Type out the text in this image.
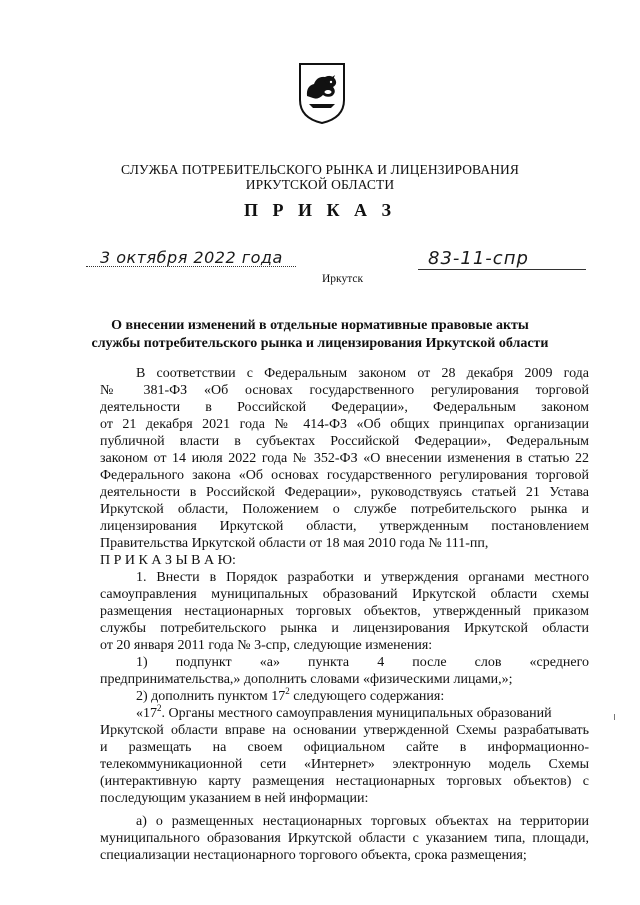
СЛУЖБА ПОТРЕБИТЕЛЬСКОГО РЫНКА И ЛИЦЕНЗИРОВАНИЯ
ИРКУТСКОЙ ОБЛАСТИ
П Р И К А З
3 октября 2022 года	83-11-спр
Иркутск
О внесении изменений в отдельные нормативные правовые акты
службы потребительского рынка и лицензирования Иркутской области
В соответствии с Федеральным законом от 28 декабря 2009 года
№ 381-ФЗ «Об основах государственного регулирования торговой
деятельности в Российской Федерации», Федеральным законом
от 21 декабря 2021 года № 414-ФЗ «Об общих принципах организации
публичной власти в субъектах Российской Федерации», Федеральным
законом от 14 июля 2022 года № 352-ФЗ «О внесении изменения в статью 22
Федерального закона «Об основах государственного регулирования торговой
деятельности в Российской Федерации», руководствуясь статьей 21 Устава
Иркутской области, Положением о службе потребительского рынка и
лицензирования Иркутской области, утвержденным постановлением
Правительства Иркутской области от 18 мая 2010 года № 111-пп,
П Р И К А З Ы В А Ю:
1. Внести в Порядок разработки и утверждения органами местного
самоуправления муниципальных образований Иркутской области схемы
размещения нестационарных торговых объектов, утвержденный приказом
службы потребительского рынка и лицензирования Иркутской области
от 20 января 2011 года № 3-спр, следующие изменения:
1) подпункт «а» пункта 4 после слов «среднего
предпринимательства,» дополнить словами «физическими лицами,»;
2) дополнить пунктом $17^2$ следующего содержания:
«$17^2$. Органы местного самоуправления муниципальных образований
Иркутской области вправе на основании утвержденной Схемы разрабатывать
и размещать на своем официальном сайте в информационно-
телекоммуникационной сети «Интернет» электронную модель Схемы
(интерактивную карту размещения нестационарных торговых объектов) с
последующим указанием в ней информации:
а) о размещенных нестационарных торговых объектах на территории
муниципального образования Иркутской области с указанием типа, площади,
специализации нестационарного торгового объекта, срока размещения;
